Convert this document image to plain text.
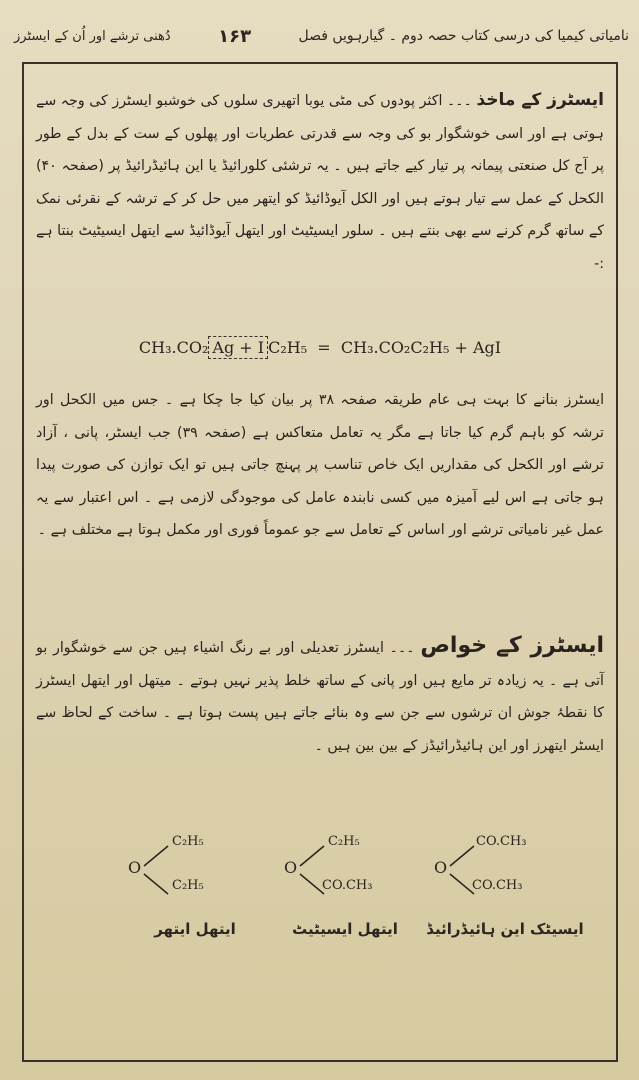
نامیاتی کیمیا کی درسی کتاب حصہ دوم ۔ گیارہویں فصل
۱۶۳
دُھنی ترشے اور اُن کے ایسٹرز
ایسٹرز کے ماخذ ۔۔۔ اکثر پودوں کی مٹی یوبا اتھیری سلوں کی خوشبو ایسٹرز کی وجہ سے ہوتی ہے اور اسی خوشگوار بو کی وجہ سے قدرتی عطریات اور پھلوں کے ست کے بدل کے طور پر آج کل صنعتی پیمانہ پر تیار کیے جاتے ہیں ۔ یہ ترشئی کلورائیڈ یا این ہائیڈرائیڈ پر (صفحہ ۴۰) الکحل کے عمل سے تیار ہوتے ہیں اور الکل آیوڈائیڈ کو ایتھر میں حل کر کے ترشہ کے نقرئی نمک کے ساتھ گرم کرنے سے بھی بنتے ہیں ۔ سلور ایسیٹیٹ اور ایتھل آیوڈائیڈ سے ایتھل ایسیٹیٹ بنتا ہے :-
CH₃.CO₂ Ag + I C₂H₅ = CH₃.CO₂C₂H₅ + AgI
ایسٹرز بنانے کا بہت ہی عام طریقہ صفحہ ۳۸ پر بیان کیا جا چکا ہے ۔ جس میں الکحل اور ترشہ کو باہم گرم کیا جاتا ہے مگر یہ تعامل متعاکس ہے (صفحہ ۳۹) جب ایسٹر، پانی ، آزاد ترشے اور الکحل کی مقداریں ایک خاص تناسب پر پہنچ جاتی ہیں تو ایک توازن کی صورت پیدا ہو جاتی ہے اس لیے آمیزہ میں کسی نابندہ عامل کی موجودگی لازمی ہے ۔ اس اعتبار سے یہ عمل غیر نامیاتی ترشے اور اساس کے تعامل سے جو عموماً فوری اور مکمل ہوتا ہے مختلف ہے ۔
ایسٹرز کے خواص ۔۔۔ ایسٹرز تعدیلی اور بے رنگ اشیاء ہیں جن سے خوشگوار بو آتی ہے ۔ یہ زیادہ تر مایع ہیں اور پانی کے ساتھ خلط پذیر نہیں ہوتے ۔ میتھل اور ایتھل ایسٹرز کا نقطۂ جوش ان ترشوں سے جن سے وہ بنائے جاتے ہیں پست ہوتا ہے ۔ ساخت کے لحاظ سے ایسٹر ایتھرز اور این ہائیڈرائیڈز کے بین بین ہیں ۔
O
C₂H₅
C₂H₅
O
C₂H₅
CO.CH₃
O
CO.CH₃
CO.CH₃
ایتھل ایتھر	ایتھل ایسیٹیٹ	ایسیٹک این ہائیڈرائیڈ
